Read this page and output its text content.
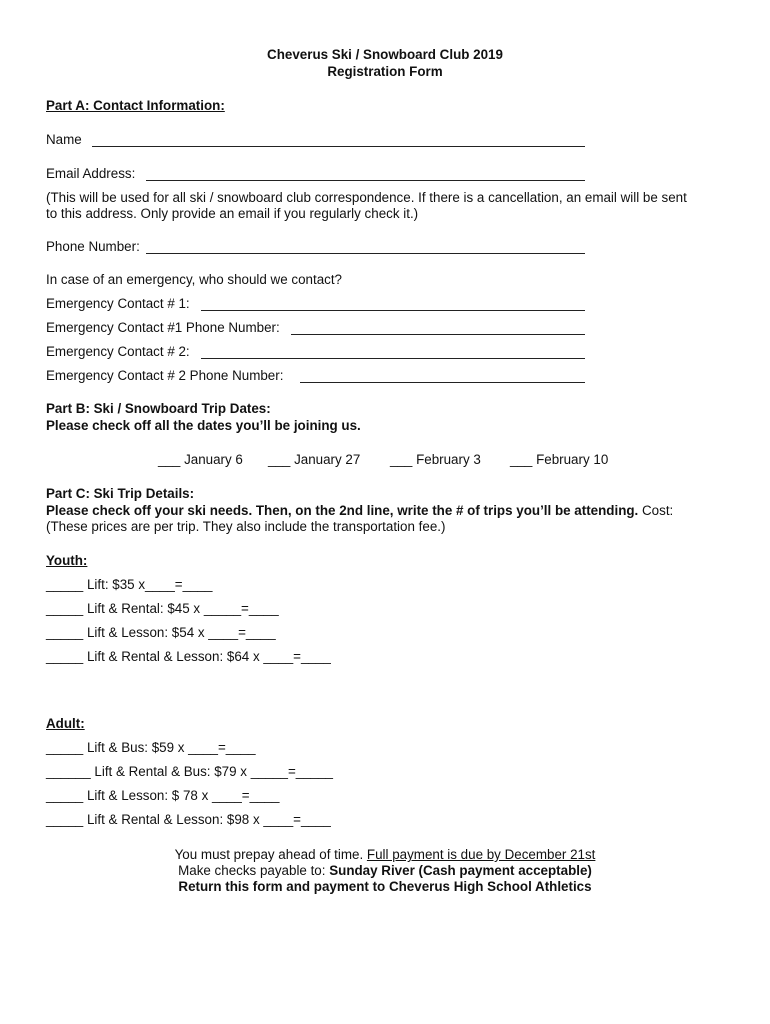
Cheverus Ski / Snowboard Club 2019
Registration Form
Part A: Contact Information:
Name
Email Address:
(This will be used for all ski / snowboard club correspondence. If there is a cancellation, an email will be sent
to this address. Only provide an email if you regularly check it.)
Phone Number:
In case of an emergency, who should we contact?
Emergency Contact # 1:
Emergency Contact #1 Phone Number:
Emergency Contact # 2:
Emergency Contact # 2 Phone Number:
Part B: Ski / Snowboard Trip Dates:
Please check off all the dates you’ll be joining us.
___ January 6 ___ January 27 ___ February 3 ___ February 10
Part C: Ski Trip Details:
Please check off your ski needs. Then, on the 2nd line, write the # of trips you’ll be attending. Cost:
(These prices are per trip. They also include the transportation fee.)
Youth:
_____ Lift: $35 x____=____
_____ Lift & Rental: $45 x _____=____
_____ Lift & Lesson: $54 x ____=____
_____ Lift & Rental & Lesson: $64 x ____=____
Adult:
_____ Lift & Bus: $59 x ____=____
______ Lift & Rental & Bus: $79 x _____=_____
_____ Lift & Lesson: $ 78 x ____=____
_____ Lift & Rental & Lesson: $98 x ____=____
You must prepay ahead of time. Full payment is due by December 21st
Make checks payable to: Sunday River (Cash payment acceptable)
Return this form and payment to Cheverus High School Athletics
